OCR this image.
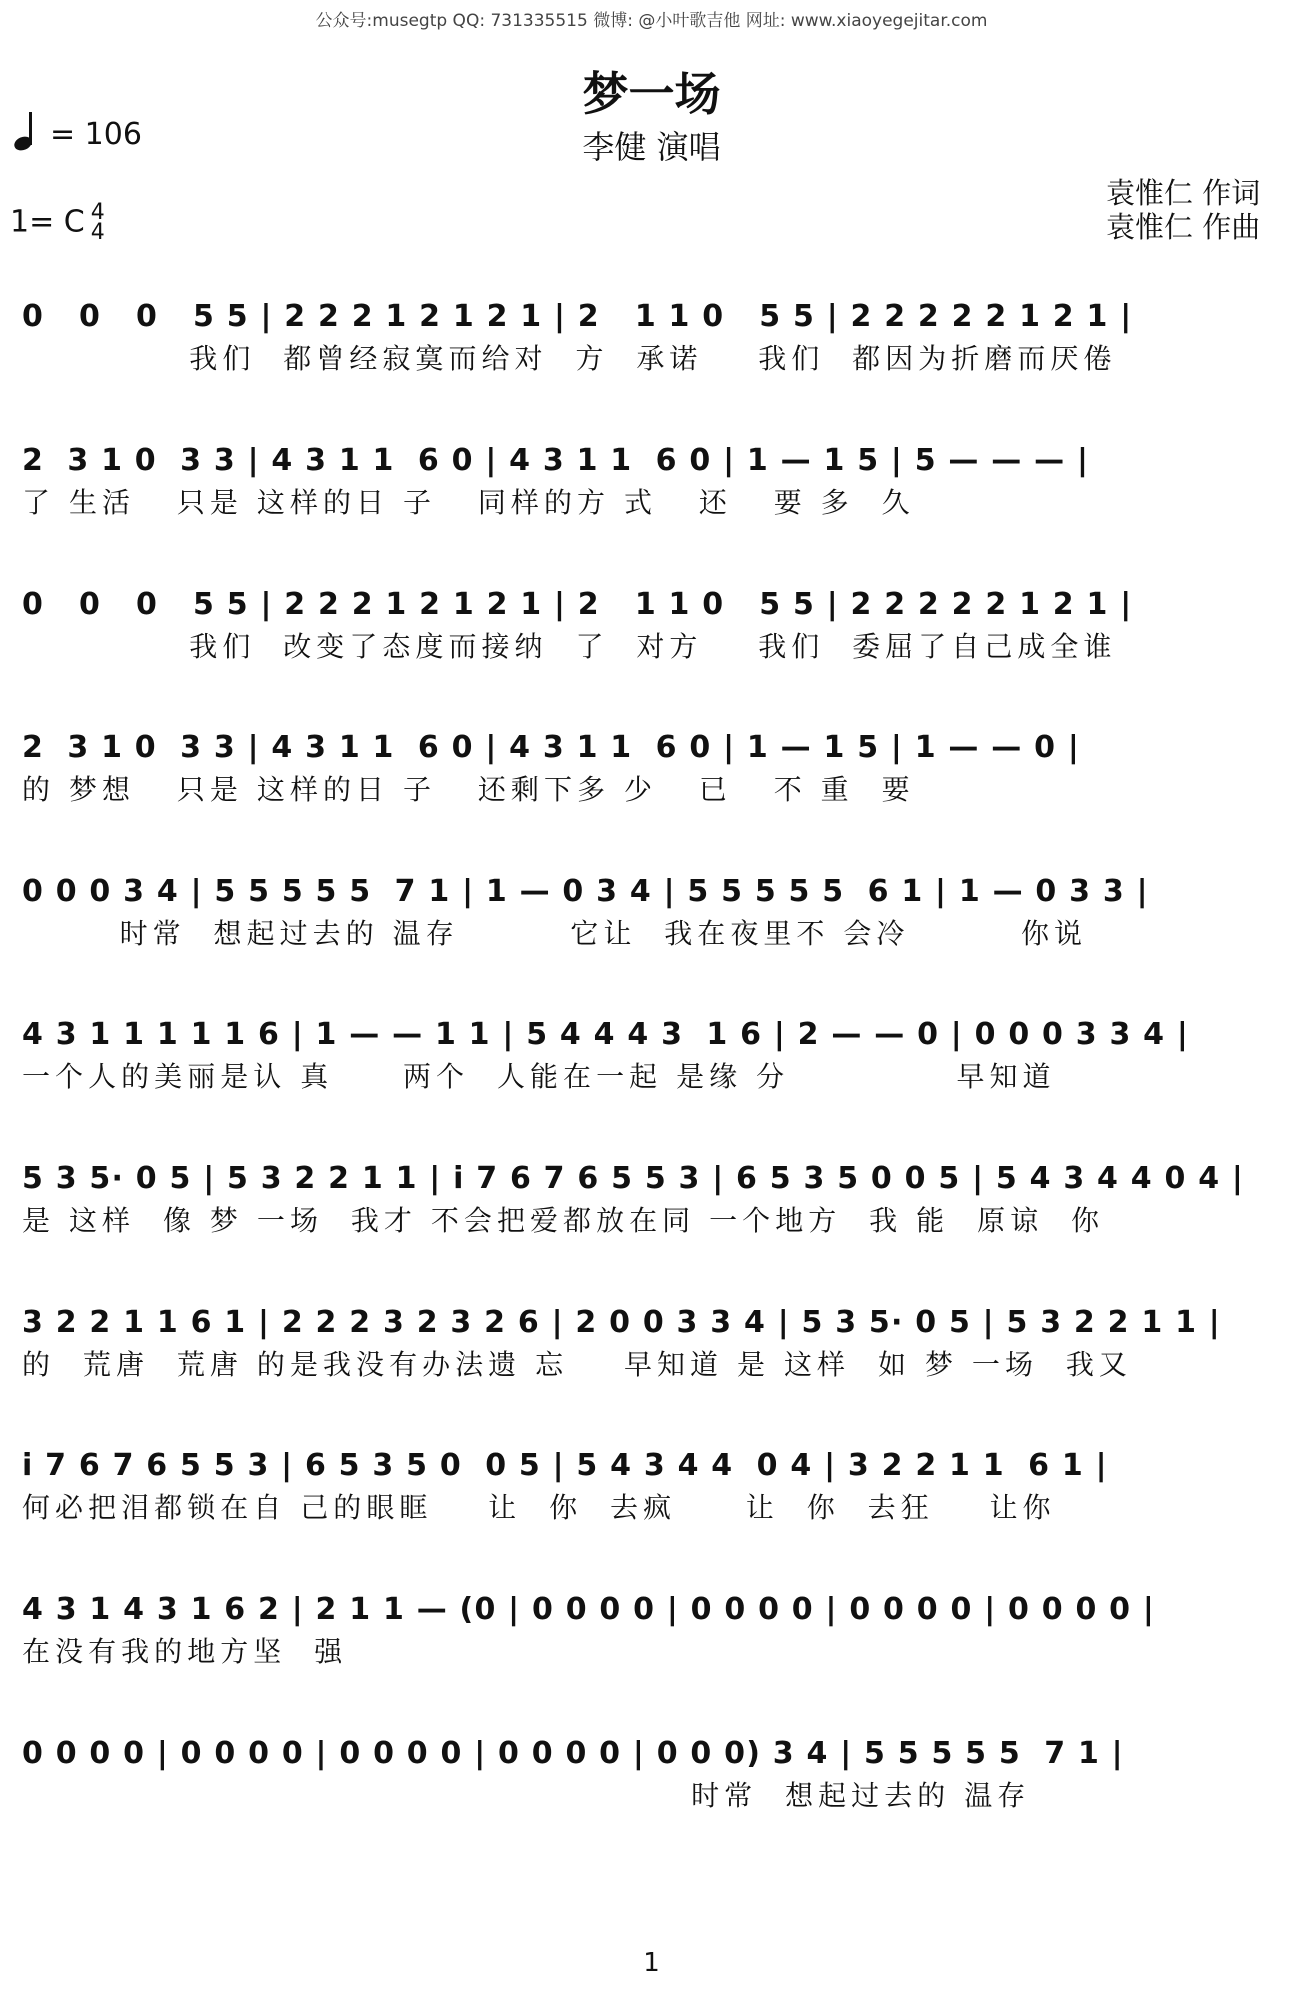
公众号:musegtp QQ: 731335515 微博: @小叶歌吉他 网址: www.xiaoyegejitar.com
梦一场
李健 演唱
= 106
1= C 4
4
袁惟仁 作词
袁惟仁 作曲
0   0   0   5 5 | 2 2 2 1 2 1 2 1 | 2   1 1 0   5 5 | 2 2 2 2 2 1 2 1 |
我们  都曾经寂寞而给对  方  承诺    我们  都因为折磨而厌倦
2  3 1 0  3 3 | 4 3 1 1  6 0 | 4 3 1 1  6 0 | 1 — 1 5 | 5 — — — |
了 生活   只是 这样的日 子   同样的方 式   还   要 多  久
0   0   0   5 5 | 2 2 2 1 2 1 2 1 | 2   1 1 0   5 5 | 2 2 2 2 2 1 2 1 |
我们  改变了态度而接纳  了  对方    我们  委屈了自己成全谁
2  3 1 0  3 3 | 4 3 1 1  6 0 | 4 3 1 1  6 0 | 1 — 1 5 | 1 — — 0 |
的 梦想   只是 这样的日 子   还剩下多 少   已   不 重  要
0 0 0 3 4 | 5 5 5 5 5  7 1 | 1 — 0 3 4 | 5 5 5 5 5  6 1 | 1 — 0 3 3 |
时常  想起过去的 温存        它让  我在夜里不 会冷        你说
4 3 1 1 1 1 1 6 | 1 — — 1 1 | 5 4 4 4 3  1 6 | 2 — — 0 | 0 0 0 3 3 4 |
一个人的美丽是认 真     两个  人能在一起 是缘 分            早知道
5 3 5· 0 5 | 5 3 2 2 1 1 | i 7 6 7 6 5 5 3 | 6 5 3 5 0 0 5 | 5 4 3 4 4 0 4 |
是 这样  像 梦 一场  我才 不会把爱都放在同 一个地方  我 能  原谅  你
3 2 2 1 1 6 1 | 2 2 2 3 2 3 2 6 | 2 0 0 3 3 4 | 5 3 5· 0 5 | 5 3 2 2 1 1 |
的  荒唐  荒唐 的是我没有办法遗 忘    早知道 是 这样  如 梦 一场  我又
i 7 6 7 6 5 5 3 | 6 5 3 5 0  0 5 | 5 4 3 4 4  0 4 | 3 2 2 1 1  6 1 |
何必把泪都锁在自 己的眼眶    让  你  去疯     让  你  去狂    让你
4 3 1 4 3 1 6 2 | 2 1 1 — (0 | 0 0 0 0 | 0 0 0 0 | 0 0 0 0 | 0 0 0 0 |
在没有我的地方坚  强
0 0 0 0 | 0 0 0 0 | 0 0 0 0 | 0 0 0 0 | 0 0 0) 3 4 | 5 5 5 5 5  7 1 |
时常  想起过去的 温存
1
